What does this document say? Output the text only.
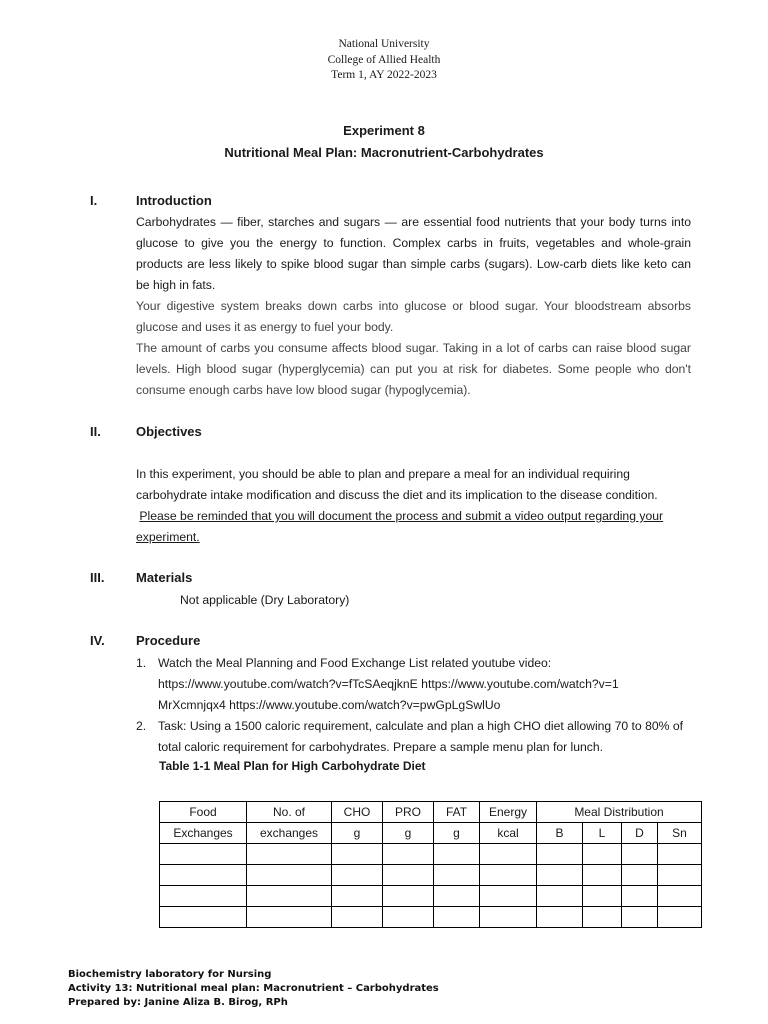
National University
College of Allied Health
Term 1, AY 2022-2023
Experiment 8
Nutritional Meal Plan: Macronutrient-Carbohydrates
I.	Introduction
Carbohydrates — fiber, starches and sugars — are essential food nutrients that your body turns into glucose to give you the energy to function. Complex carbs in fruits, vegetables and whole-grain products are less likely to spike blood sugar than simple carbs (sugars). Low-carb diets like keto can be high in fats.
Your digestive system breaks down carbs into glucose or blood sugar. Your bloodstream absorbs glucose and uses it as energy to fuel your body.
The amount of carbs you consume affects blood sugar. Taking in a lot of carbs can raise blood sugar levels. High blood sugar (hyperglycemia) can put you at risk for diabetes. Some people who don't consume enough carbs have low blood sugar (hypoglycemia).
II.	Objectives
In this experiment, you should be able to plan and prepare a meal for an individual requiring carbohydrate intake modification and discuss the diet and its implication to the disease condition.
Please be reminded that you will document the process and submit a video output regarding your experiment.
III. Materials
Not applicable (Dry Laboratory)
IV. Procedure
1. Watch the Meal Planning and Food Exchange List related youtube video:
https://www.youtube.com/watch?v=fTcSAeqjknE https://www.youtube.com/watch?v=1MrXcmnjqx4 https://www.youtube.com/watch?v=pwGpLgSwlUo
2. Task: Using a 1500 caloric requirement, calculate and plan a high CHO diet allowing 70 to 80% of total caloric requirement for carbohydrates. Prepare a sample menu plan for lunch.
Table 1-1 Meal Plan for High Carbohydrate Diet
Food	No. of	CHO	PRO	FAT	Energy	Meal Distribution			
Exchanges	exchanges	g	g	g	kcal	B	L	D	Sn

Biochemistry laboratory for Nursing
Activity 13: Nutritional meal plan: Macronutrient – Carbohydrates
Prepared by: Janine Aliza B. Birog, RPh
